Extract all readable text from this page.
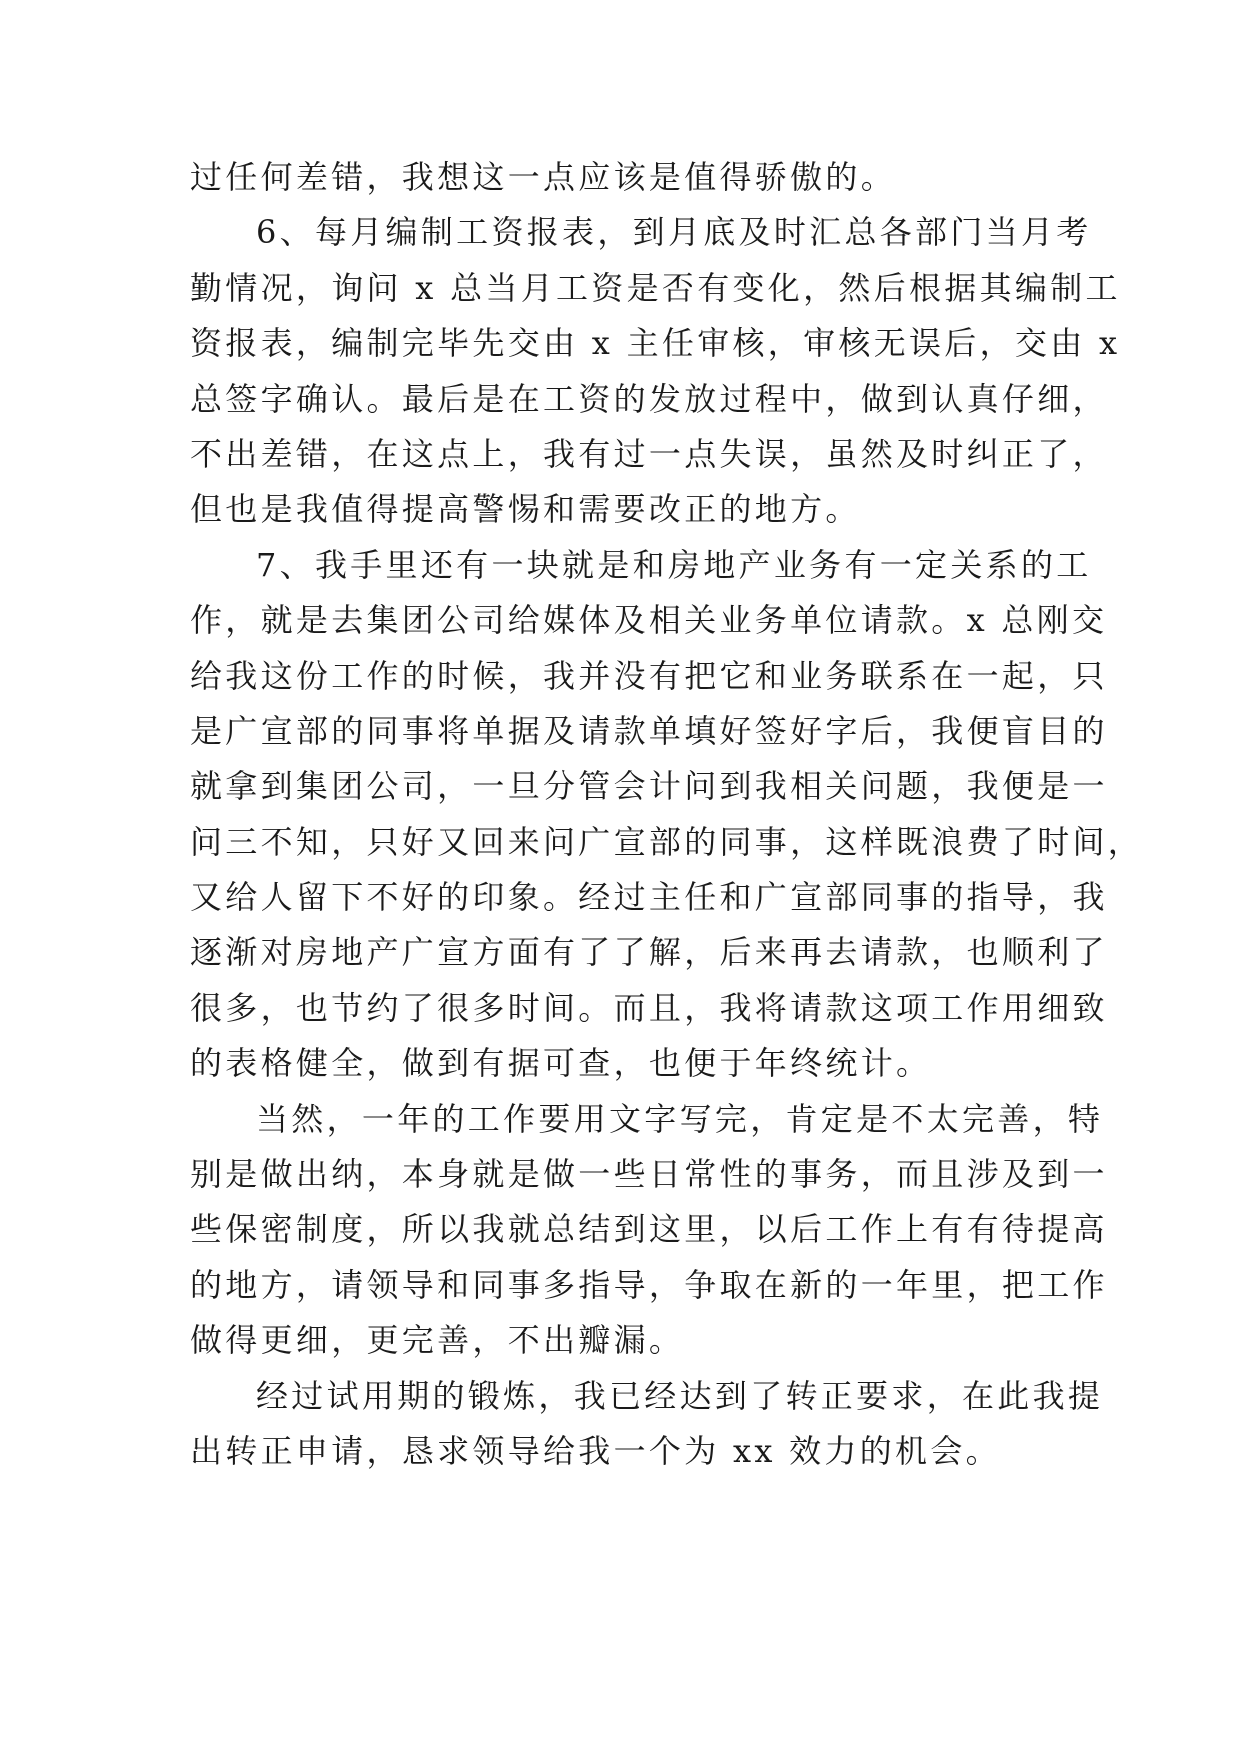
过任何差错，我想这一点应该是值得骄傲的。
6、每月编制工资报表，到月底及时汇总各部门当月考
勤情况，询问 x 总当月工资是否有变化，然后根据其编制工
资报表，编制完毕先交由 x 主任审核，审核无误后，交由 x
总签字确认。最后是在工资的发放过程中，做到认真仔细，
不出差错，在这点上，我有过一点失误，虽然及时纠正了，
但也是我值得提高警惕和需要改正的地方。
7、我手里还有一块就是和房地产业务有一定关系的工
作，就是去集团公司给媒体及相关业务单位请款。x 总刚交
给我这份工作的时候，我并没有把它和业务联系在一起，只
是广宣部的同事将单据及请款单填好签好字后，我便盲目的
就拿到集团公司，一旦分管会计问到我相关问题，我便是一
问三不知，只好又回来问广宣部的同事，这样既浪费了时间，
又给人留下不好的印象。经过主任和广宣部同事的指导，我
逐渐对房地产广宣方面有了了解，后来再去请款，也顺利了
很多，也节约了很多时间。而且，我将请款这项工作用细致
的表格健全，做到有据可查，也便于年终统计。
当然，一年的工作要用文字写完，肯定是不太完善，特
别是做出纳，本身就是做一些日常性的事务，而且涉及到一
些保密制度，所以我就总结到这里，以后工作上有有待提高
的地方，请领导和同事多指导，争取在新的一年里，把工作
做得更细，更完善，不出瓣漏。
经过试用期的锻炼，我已经达到了转正要求，在此我提
出转正申请，恳求领导给我一个为 xx 效力的机会。
